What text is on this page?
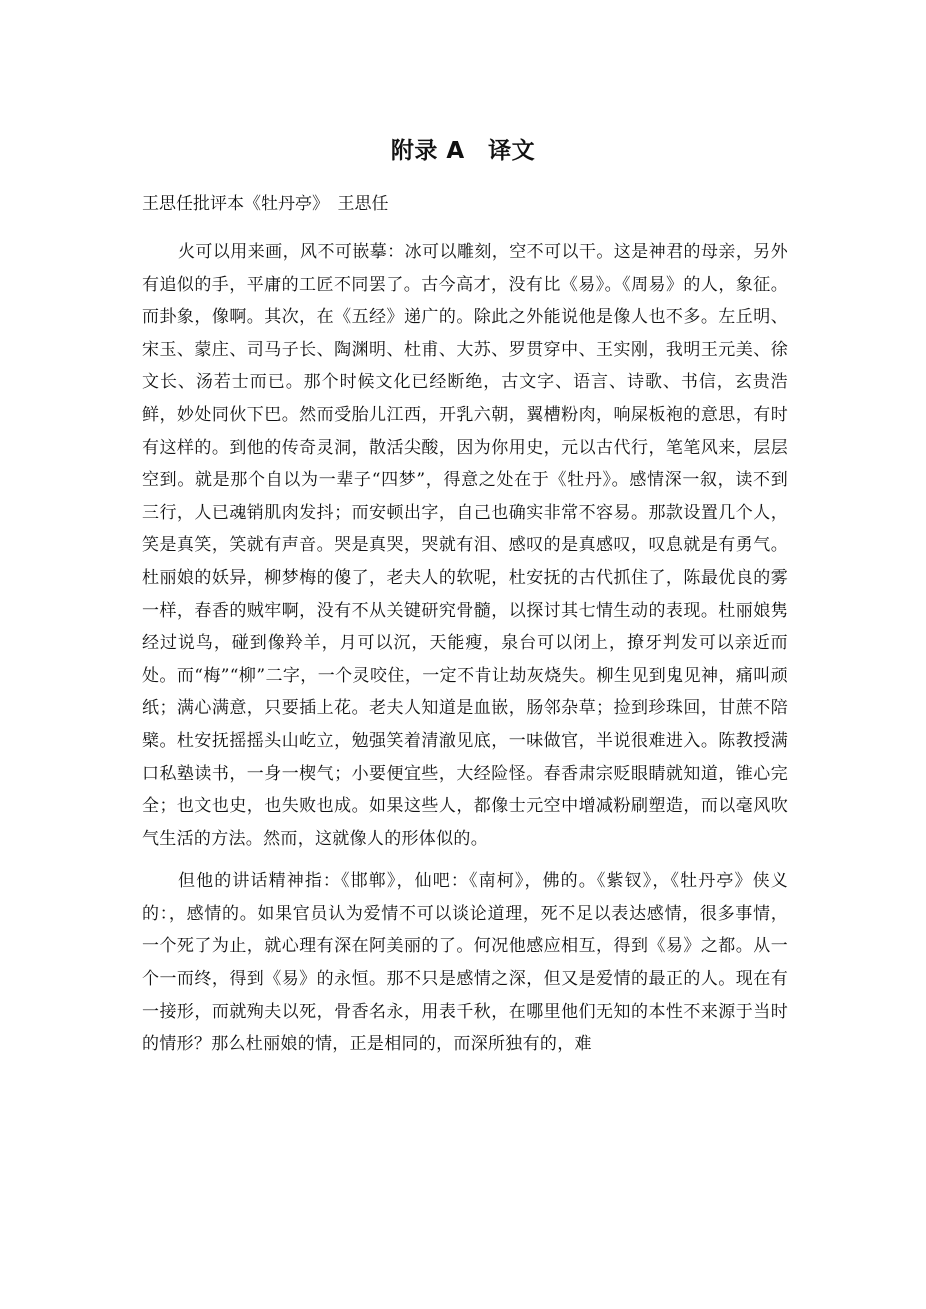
附录 A　译文
王思任批评本《牡丹亭》　王思任

火可以用来画，风不可嵌摹：冰可以雕刻，空不可以干。这是神君的母亲，另外有追似的手，平庸的工匠不同罢了。古今高才，没有比《易》。《周易》的人，象征。而卦象，像啊。其次，在《五经》递广的。除此之外能说他是像人也不多。左丘明、宋玉、蒙庄、司马子长、陶渊明、杜甫、大苏、罗贯穿中、王实刚，我明王元美、徐文长、汤若士而已。那个时候文化已经断绝，古文字、语言、诗歌、书信，玄贵浩鲜，妙处同伙下巴。然而受胎儿江西，开乳六朝，翼槽粉肉，响屎板袍的意思，有时有这样的。到他的传奇灵洞，散活尖酸，因为你用史，元以古代行，笔笔风来，层层空到。就是那个自以为一辈子“四梦”，得意之处在于《牡丹》。感情深一叙，读不到三行，人已魂销肌肉发抖；而安顿出字，自己也确实非常不容易。那款设置几个人，笑是真笑，笑就有声音。哭是真哭，哭就有泪、感叹的是真感叹，叹息就是有勇气。杜丽娘的妖异，柳梦梅的傻了，老夫人的软呢，杜安抚的古代抓住了，陈最优良的雾一样，春香的贼牢啊，没有不从关键研究骨髓，以探讨其七情生动的表现。杜丽娘隽经过说鸟，碰到像羚羊，月可以沉，天能瘦，泉台可以闭上，撩牙判发可以亲近而处。而“梅”“柳”二字，一个灵咬住，一定不肯让劫灰烧失。柳生见到鬼见神，痛叫顽纸；满心满意，只要插上花。老夫人知道是血嵌，肠邻杂草；捡到珍珠回，甘蔗不陪檗。杜安抚摇摇头山屹立，勉强笑着清澈见底，一味做官，半说很难进入。陈教授满口私塾读书，一身一楔气；小要便宜些，大经险怪。春香肃宗贬眼睛就知道，锥心完全；也文也史，也失败也成。如果这些人，都像士元空中增减粉刷塑造，而以毫风吹气生活的方法。然而，这就像人的形体似的。

但他的讲话精神指：《邯郸》，仙吧：《南柯》，佛的。《紫钗》，《牡丹亭》侠义的：，感情的。如果官员认为爱情不可以谈论道理，死不足以表达感情，很多事情，一个死了为止，就心理有深在阿美丽的了。何况他感应相互，得到《易》之都。从一个一而终，得到《易》的永恒。那不只是感情之深，但又是爱情的最正的人。现在有一接形，而就殉夫以死，骨香名永，用表千秋，在哪里他们无知的本性不来源于当时的情形？那么杜丽娘的情，正是相同的，而深所独有的，难
